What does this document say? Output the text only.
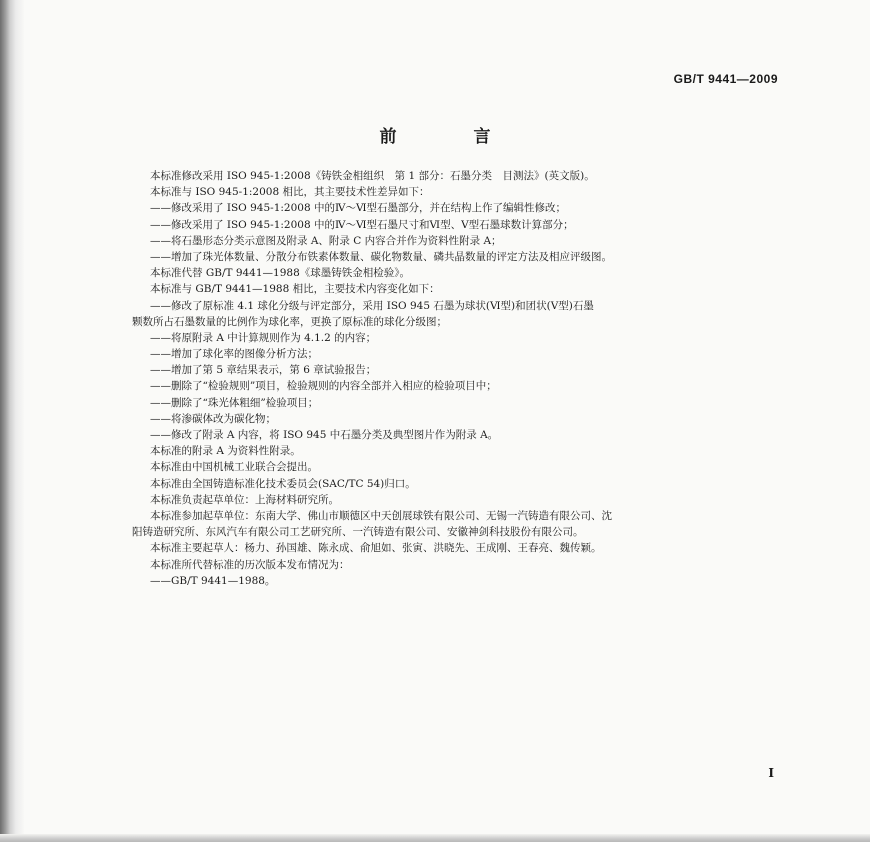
GB/T 9441—2009
前　言
本标准修改采用 ISO 945-1:2008《铸铁金相组织　第 1 部分：石墨分类　目测法》(英文版)。
本标准与 ISO 945-1:2008 相比，其主要技术性差异如下：
——修改采用了 ISO 945-1:2008 中的Ⅳ～Ⅵ型石墨部分，并在结构上作了编辑性修改；
——修改采用了 ISO 945-1:2008 中的Ⅳ～Ⅵ型石墨尺寸和Ⅵ型、Ⅴ型石墨球数计算部分；
——将石墨形态分类示意图及附录 A、附录 C 内容合并作为资料性附录 A；
——增加了珠光体数量、分散分布铁素体数量、碳化物数量、磷共晶数量的评定方法及相应评级图。
本标准代替 GB/T 9441—1988《球墨铸铁金相检验》。
本标准与 GB/T 9441—1988 相比，主要技术内容变化如下：
——修改了原标准 4.1 球化分级与评定部分，采用 ISO 945 石墨为球状(Ⅵ型)和团状(Ⅴ型)石墨
颗数所占石墨数量的比例作为球化率，更换了原标准的球化分级图；
——将原附录 A 中计算规则作为 4.1.2 的内容；
——增加了球化率的图像分析方法；
——增加了第 5 章结果表示，第 6 章试验报告；
——删除了“检验规则”项目，检验规则的内容全部并入相应的检验项目中；
——删除了“珠光体粗细”检验项目；
——将渗碳体改为碳化物；
——修改了附录 A 内容，将 ISO 945 中石墨分类及典型图片作为附录 A。
本标准的附录 A 为资料性附录。
本标准由中国机械工业联合会提出。
本标准由全国铸造标准化技术委员会(SAC/TC 54)归口。
本标准负责起草单位：上海材料研究所。
本标准参加起草单位：东南大学、佛山市顺德区中天创展球铁有限公司、无锡一汽铸造有限公司、沈
阳铸造研究所、东风汽车有限公司工艺研究所、一汽铸造有限公司、安徽神剑科技股份有限公司。
本标准主要起草人：杨力、孙国雄、陈永成、俞旭如、张寅、洪晓先、王成刚、王春亮、魏传颖。
本标准所代替标准的历次版本发布情况为：
——GB/T 9441—1988。
I
